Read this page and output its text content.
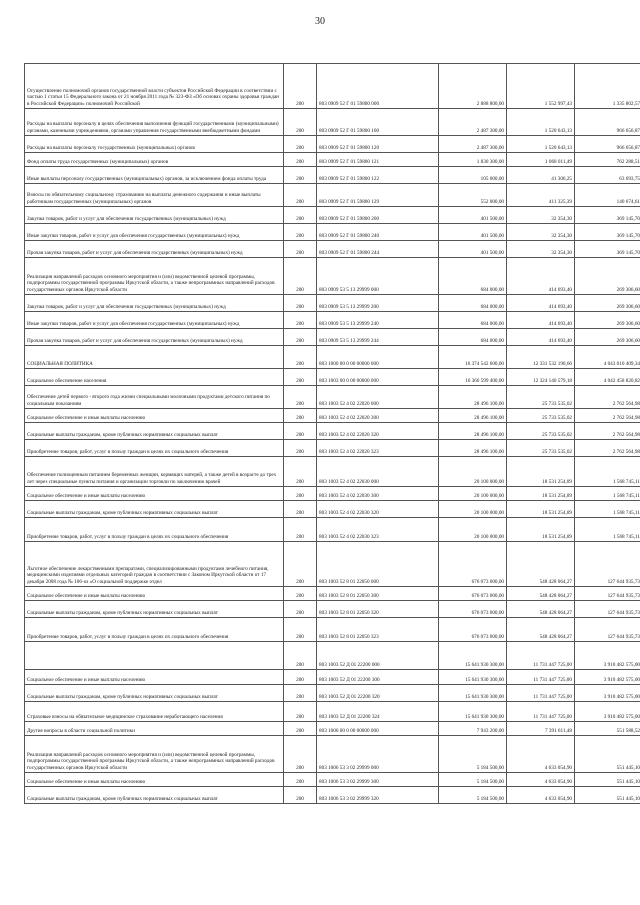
30
Осуществление полномочий органов государственной власти субъектов Российской Федерации в соответствии с частью 1 статьи 15 Федерального закона от 21 ноября 2011 года № 323-ФЗ «Об основах охраны здоровья граждан в Российской Федерации» полномочий Российской	200	803 0909 52 Г 01 59800 000	2 888 800,00	1 552 997,43	1 335 802,57
Расходы на выплаты персоналу в целях обеспечения выполнения функций государственными (муниципальными) органами, казенными учреждениями, органами управления государственными внебюджетными фондами	200	803 0909 52 Г 01 59800 100	2 487 300,00	1 520 643,13	966 656,87
Расходы на выплаты персоналу государственных (муниципальных) органов	200	803 0909 52 Г 01 59800 120	2 487 300,00	1 520 643,13	966 656,87
Фонд оплаты труда государственных (муниципальных) органов	200	803 0909 52 Г 01 59800 121	1 830 300,00	1 068 011,49	762 288,51
Иные выплаты персоналу государственных (муниципальных) органов, за исключением фонда оплаты труда	200	803 0909 52 Г 01 59800 122	105 000,00	41 306,25	63 693,75
Взносы по обязательному социальному страхованию на выплаты денежного содержания и иные выплаты работникам государственных (муниципальных) органов	200	803 0909 52 Г 01 59800 129	552 000,00	411 325,39	140 674,61
Закупка товаров, работ и услуг для обеспечения государственных (муниципальных) нужд	200	803 0909 52 Г 01 59800 200	401 500,00	32 354,30	369 145,70
Иные закупки товаров, работ и услуг для обеспечения государственных (муниципальных) нужд	200	803 0909 52 Г 01 59800 240	401 500,00	32 354,30	369 145,70
Прочая закупка товаров, работ и услуг для обеспечения государственных (муниципальных) нужд	200	803 0909 52 Г 01 59800 244	401 500,00	32 354,30	369 145,70
Реализация направлений расходов основного мероприятия и (или) ведомственной целевой программы, подпрограммы государственной программы Иркутской области, а также непрограммных направлений расходов государственных органов Иркутской области	200	803 0909 53 5 13 29999 000	684 000,00	414 693,40	269 306,60
Закупка товаров, работ и услуг для обеспечения государственных (муниципальных) нужд	200	803 0909 53 5 13 29999 200	684 000,00	414 693,40	269 306,60
Иные закупки товаров, работ и услуг для обеспечения государственных (муниципальных) нужд	200	803 0909 53 5 13 29999 240	684 000,00	414 693,40	269 306,60
Прочая закупка товаров, работ и услуг для обеспечения государственных (муниципальных) нужд	200	803 0909 53 5 13 29999 244	684 000,00	414 693,40	269 306,60
СОЦИАЛЬНАЯ ПОЛИТИКА	200	803 1000 00 0 00 00000 000	16 374 542 600,00	12 331 532 190,66	4 043 010 409,34
Социальное обеспечение населения	200	803 1003 00 0 00 00000 000	16 366 599 400,00	12 324 140 579,18	4 042 458 820,82
Обеспечение детей первого - второго года жизни специальными молочными продуктами детского питания по социальным показаниям	200	803 1003 52 4 02 22020 000	28 496 100,00	25 733 535,02	2 762 564,98
Социальное обеспечение и иные выплаты населению	200	803 1003 52 4 02 22020 300	28 496 100,00	25 733 535,02	2 762 564,98
Социальные выплаты гражданам, кроме публичных нормативных социальных выплат	200	803 1003 52 4 02 22020 320	28 496 100,00	25 733 535,02	2 762 564,98
Приобретение товаров, работ, услуг в пользу граждан в целях их социального обеспечения	200	803 1003 52 4 02 22020 323	28 496 100,00	25 733 535,02	2 762 564,98
Обеспечение полноценным питанием беременных женщин, кормящих матерей, а также детей в возрасте до трех лет через специальные пункты питания и организации торговли по заключению врачей	200	803 1003 52 4 02 22030 000	20 100 000,00	18 531 254,89	1 568 745,11
Социальное обеспечение и иные выплаты населению	200	803 1003 52 4 02 22030 300	20 100 000,00	18 531 254,89	1 568 745,11
Социальные выплаты гражданам, кроме публичных нормативных социальных выплат	200	803 1003 52 4 02 22030 320	20 100 000,00	18 531 254,89	1 568 745,11
Приобретение товаров, работ, услуг в пользу граждан в целях их социального обеспечения	200	803 1003 52 4 02 22030 323	20 100 000,00	18 531 254,89	1 568 745,11
Льготное обеспечение лекарственными препаратами, специализированными продуктами лечебного питания, медицинскими изделиями отдельных категорий граждан в соответствии с Законом Иркутской области от 17 декабря 2008 года № 106-оз «О социальной поддержке отдел	200	803 1003 52 8 01 22050 000	676 073 000,00	548 428 064,27	127 644 935,73
Социальное обеспечение и иные выплаты населению	200	803 1003 52 8 01 22050 300	676 073 000,00	548 428 064,27	127 644 935,73
Социальные выплаты гражданам, кроме публичных нормативных социальных выплат	200	803 1003 52 8 01 22050 320	676 073 000,00	548 428 064,27	127 644 935,73
Приобретение товаров, работ, услуг в пользу граждан в целях их социального обеспечения	200	803 1003 52 8 01 22050 323	676 073 000,00	548 428 064,27	127 644 935,73
	200	803 1003 52 Д 01 22200 000	15 641 930 300,00	11 731 447 725,00	3 910 482 575,00
Социальное обеспечение и иные выплаты населению	200	803 1003 52 Д 01 22200 300	15 641 930 300,00	11 731 447 725,00	3 910 482 575,00
Социальные выплаты гражданам, кроме публичных нормативных социальных выплат	200	803 1003 52 Д 01 22200 320	15 641 930 300,00	11 731 447 725,00	3 910 482 575,00
Страховые взносы на обязательное медицинское страхование неработающего населения	200	803 1003 52 Д 01 22200 324	15 641 930 300,00	11 731 447 725,00	3 910 482 575,00
Другие вопросы в области социальной политики	200	803 1006 00 0 00 00000 000	7 943 200,00	7 391 611,48	551 588,52
Реализация направлений расходов основного мероприятия и (или) ведомственной целевой программы, подпрограммы государственной программы Иркутской области, а также непрограммных направлений расходов государственных органов Иркутской области	200	803 1006 53 3 02 29999 000	5 184 500,00	4 633 054,90	551 445,10
Социальное обеспечение и иные выплаты населению	200	803 1006 53 3 02 29999 300	5 184 500,00	4 633 054,90	551 445,10
Социальные выплаты гражданам, кроме публичных нормативных социальных выплат	200	803 1006 53 3 02 29999 320	5 184 500,00	4 633 054,90	551 445,10
